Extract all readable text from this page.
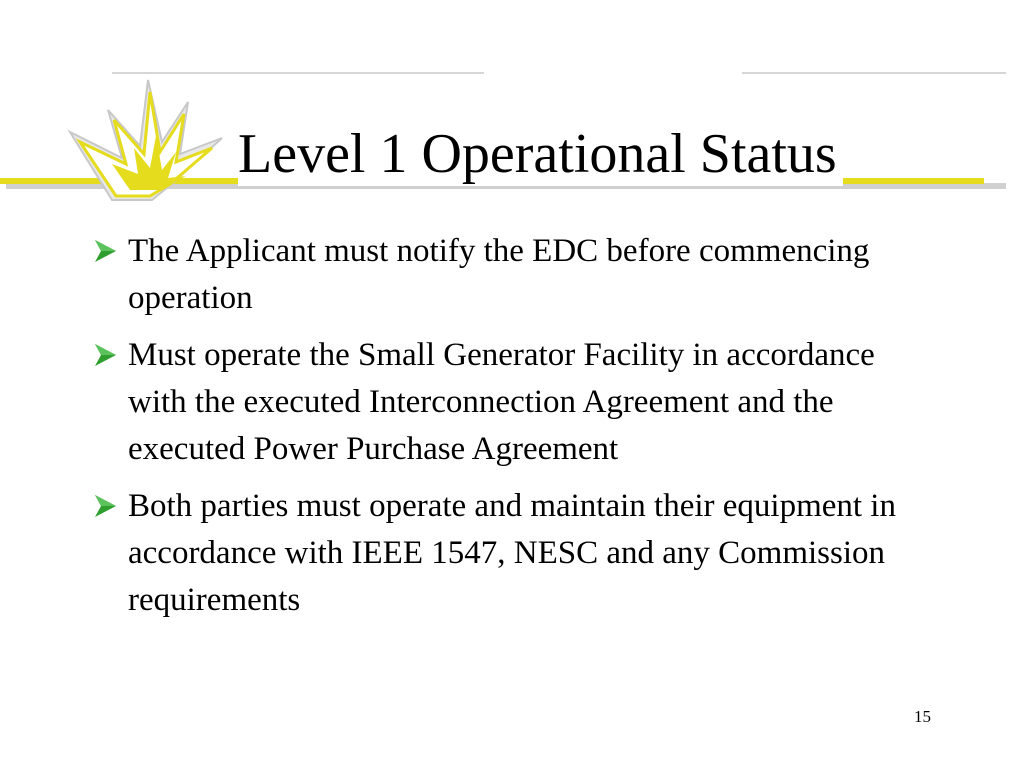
Level 1 Operational Status
The Applicant must notify the EDC before commencing operation
Must operate the Small Generator Facility in accordance with the executed Interconnection Agreement and the executed Power Purchase Agreement
Both parties must operate and maintain their equipment in accordance with IEEE 1547, NESC and any Commission requirements
15
